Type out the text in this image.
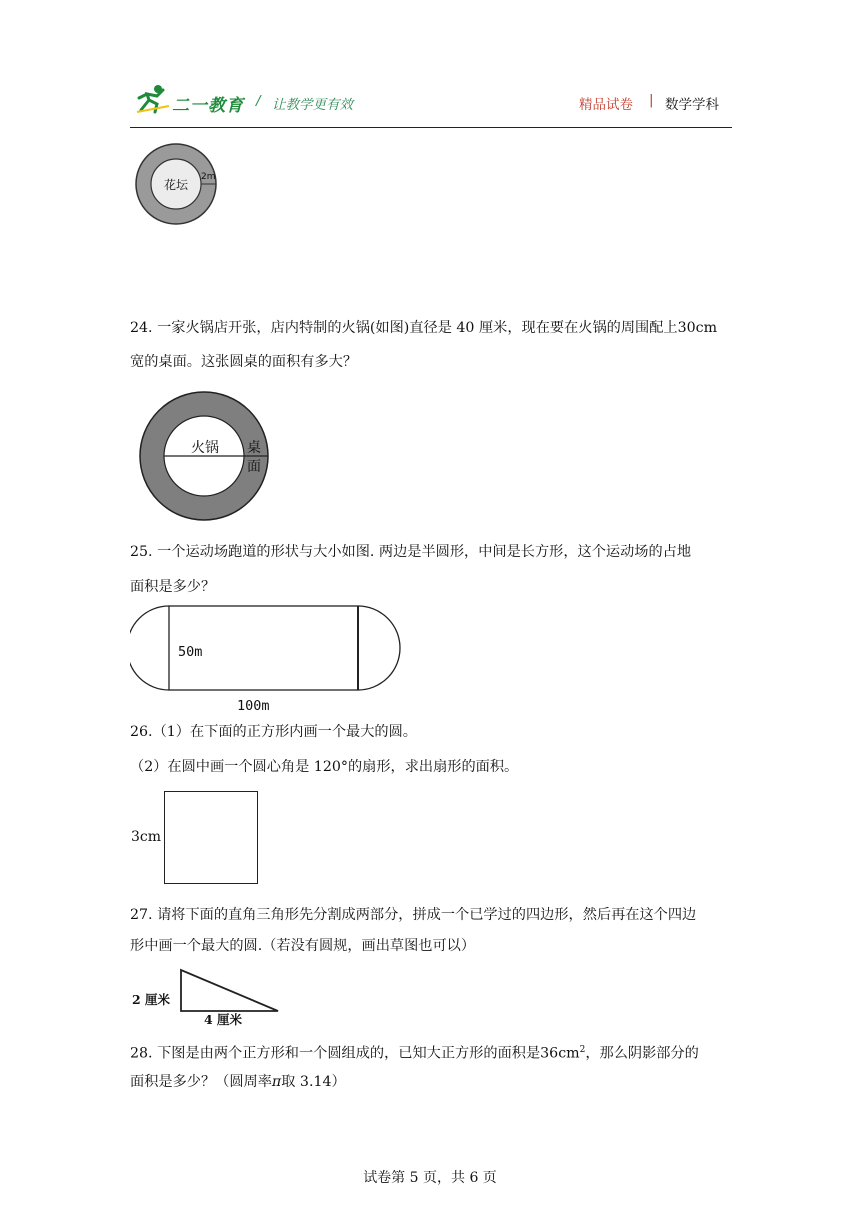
二一教育 / 让教学更有效	精品试卷 | 数学学科
花坛
2m
24. 一家火锅店开张，店内特制的火锅(如图)直径是 40 厘米，现在要在火锅的周围配上30cm
宽的桌面。这张圆桌的面积有多大？
火锅 桌
面
25. 一个运动场跑道的形状与大小如图. 两边是半圆形，中间是长方形，这个运动场的占地
面积是多少？
50m
100m
26.（1）在下面的正方形内画一个最大的圆。
（2）在圆中画一个圆心角是 120°的扇形，求出扇形的面积。
3cm
27. 请将下面的直角三角形先分割成两部分，拼成一个已学过的四边形，然后再在这个四边
形中画一个最大的圆.（若没有圆规，画出草图也可以）
2 厘米
4 厘米
28. 下图是由两个正方形和一个圆组成的，已知大正方形的面积是$36cm^2$，那么阴影部分的
面积是多少？（圆周率π取 3.14）
试卷第 5 页，共 6 页
